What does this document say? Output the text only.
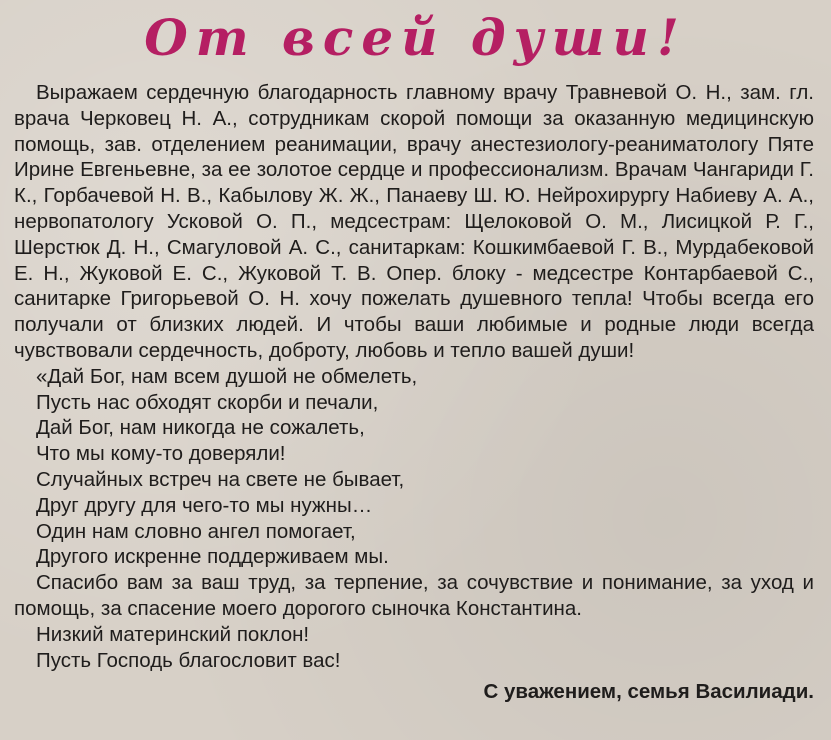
От всей души!

Выражаем сердечную благодарность главному врачу Травневой О. Н., зам. гл. врача Черковец Н. А., сотрудникам скорой помощи за оказанную медицинскую помощь, зав. отделением реанимации, врачу анестезиологу-реаниматологу Пяте Ирине Евгеньевне, за ее золотое сердце и профессионализм. Врачам Чангариди Г. К., Горбачевой Н. В., Кабылову Ж. Ж., Панаеву Ш. Ю. Нейрохирургу Набиеву А. А., нервопатологу Усковой О. П., медсестрам: Щелоковой О. М., Лисицкой Р. Г., Шерстюк Д. Н., Смагуловой А. С., санитаркам: Кошкимбаевой Г. В., Мурдабековой Е. Н., Жуковой Е. С., Жуковой Т. В. Опер. блоку - медсестре Контарбаевой С., санитарке Григорьевой О. Н. хочу пожелать душевного тепла! Чтобы всегда его получали от близких людей. И чтобы ваши любимые и родные люди всегда чувствовали сердечность, доброту, любовь и тепло вашей души!

«Дай Бог, нам всем душой не обмелеть,
Пусть нас обходят скорби и печали,
Дай Бог, нам никогда не сожалеть,
Что мы кому-то доверяли!
Случайных встреч на свете не бывает,
Друг другу для чего-то мы нужны…
Один нам словно ангел помогает,
Другого искренне поддерживаем мы.

Спасибо вам за ваш труд, за терпение, за сочувствие и понимание, за уход и помощь, за спасение моего дорогого сыночка Константина.

Низкий материнский поклон!
Пусть Господь благословит вас!
С уважением, семья Василиади.
